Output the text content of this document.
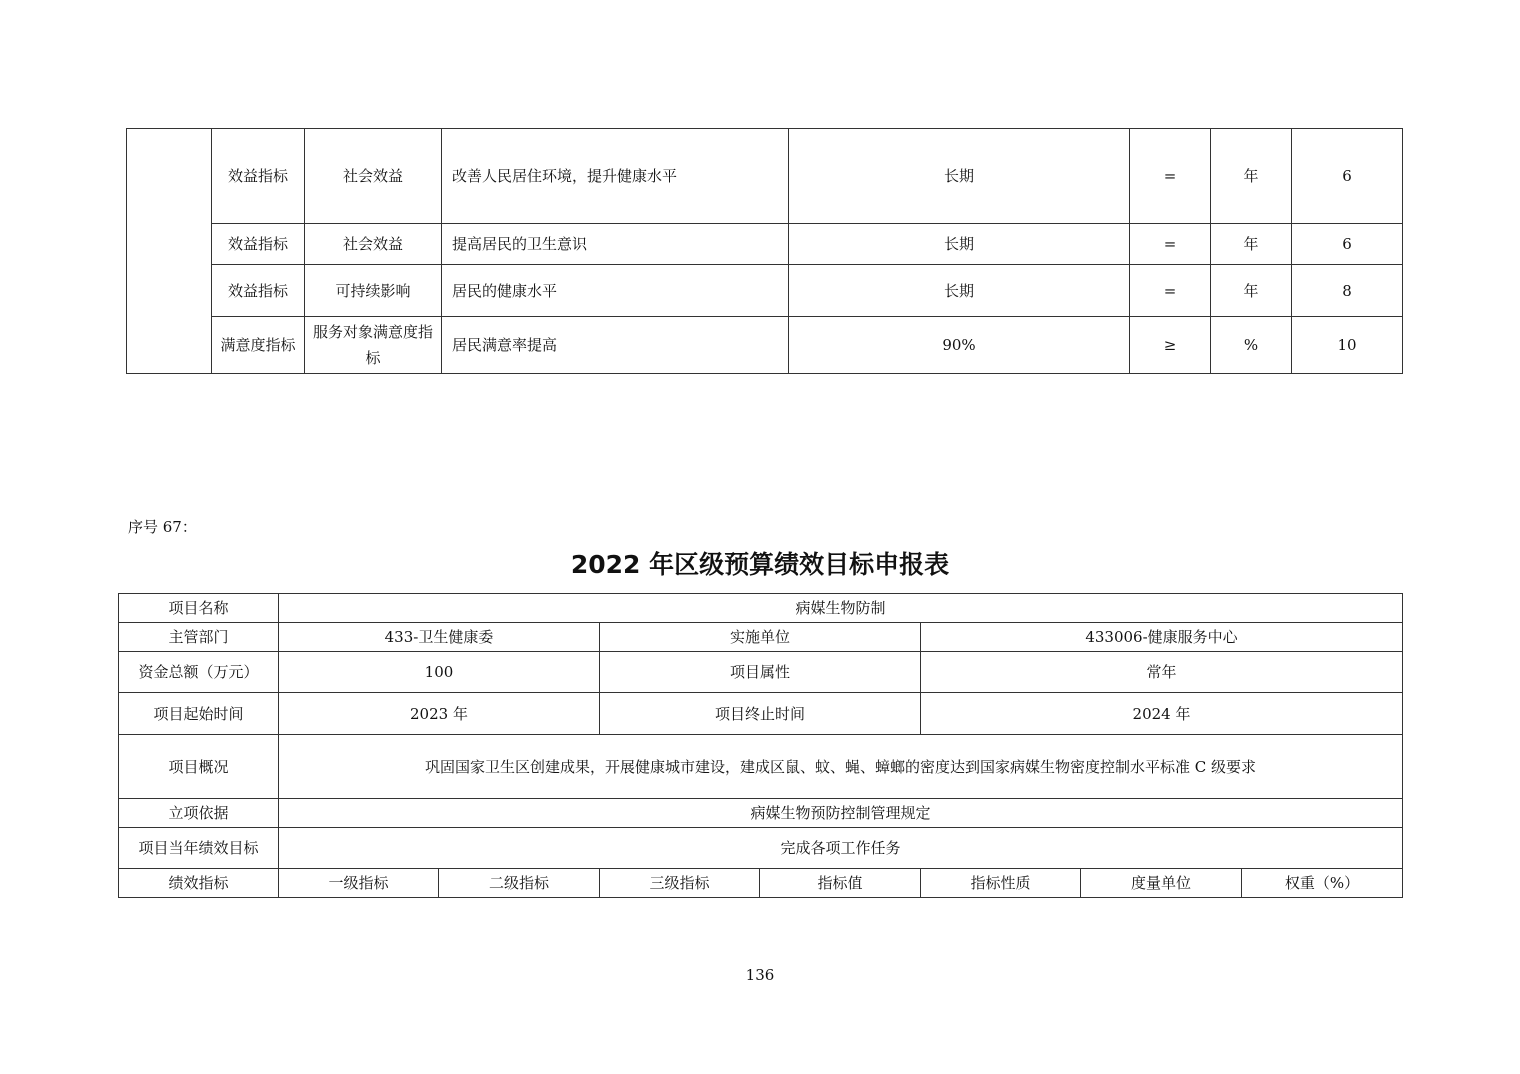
	效益指标	社会效益	改善人民居住环境，提升健康水平	长期	=	年	6
	效益指标	社会效益	提高居民的卫生意识	长期	=	年	6
	效益指标	可持续影响	居民的健康水平	长期	=	年	8
	满意度指标	服务对象满意度指标	居民满意率提高	90%	≥	%	10
序号 67：
2022 年区级预算绩效目标申报表
项目名称	病媒生物防制						
主管部门	433-卫生健康委		实施单位		433006-健康服务中心		
资金总额（万元）	100		项目属性		常年		
项目起始时间	2023 年		项目终止时间		2024 年		
项目概况	巩固国家卫生区创建成果，开展健康城市建设，建成区鼠、蚊、蝇、蟑螂的密度达到国家病媒生物密度控制水平标准 C 级要求						
立项依据	病媒生物预防控制管理规定						
项目当年绩效目标	完成各项工作任务						
绩效指标	一级指标	二级指标	三级指标	指标值	指标性质	度量单位	权重（%）
136
